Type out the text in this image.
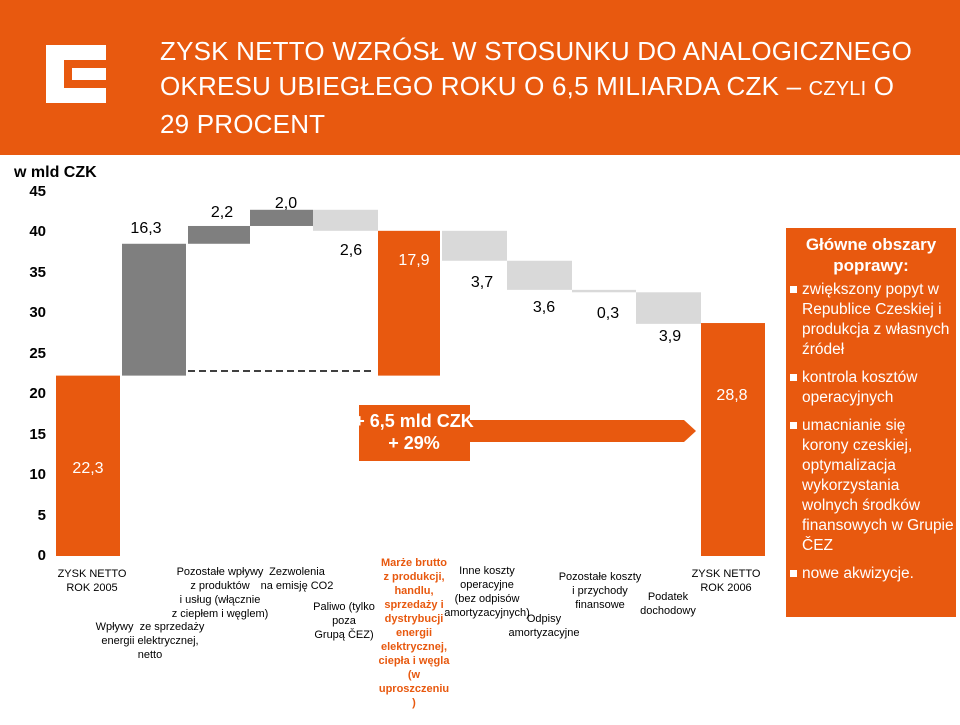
ZYSK NETTO WZRÓSŁ W STOSUNKU DO ANALOGICZNEGO OKRESU UBIEGŁEGO ROKU O 6,5 MILIARDA CZK – CZYLI O 29 PROCENT
w mld CZK
45
40
35
30
25
20
15
10
5
0
+ 6,5 mld CZK
+ 29%
22,3
16,3
2,2
2,0
2,6
17,9
3,7
3,6	0,3
3,9
28,8
ZYSK NETTO
ROK 2005
Wpływy  ze sprzedaży
energii elektrycznej,
netto
Pozostałe wpływy
z produktów
i usług (włącznie
z ciepłem i węglem)
Zezwolenia
na emisję CO2
Paliwo (tylko
poza
Grupą ČEZ)
Marże brutto
z produkcji,
handlu,
sprzedaży i
dystrybucji
energii
elektrycznej,
ciepła i węgla
(w
uproszczeniu
)
Inne koszty
operacyjne
(bez odpisów
amortyzacyjnych)
Odpisy
amortyzacyjne
Pozostałe koszty
i przychody
finansowe
Podatek
dochodowy
ZYSK NETTO
ROK 2006
Główne obszary poprawy:
zwiększony popyt w Republice Czeskiej i produkcja z własnych źródeł
kontrola kosztów operacyjnych
umacnianie się korony czeskiej, optymalizacja wykorzystania wolnych środków finansowych w Grupie ČEZ
nowe akwizycje.
